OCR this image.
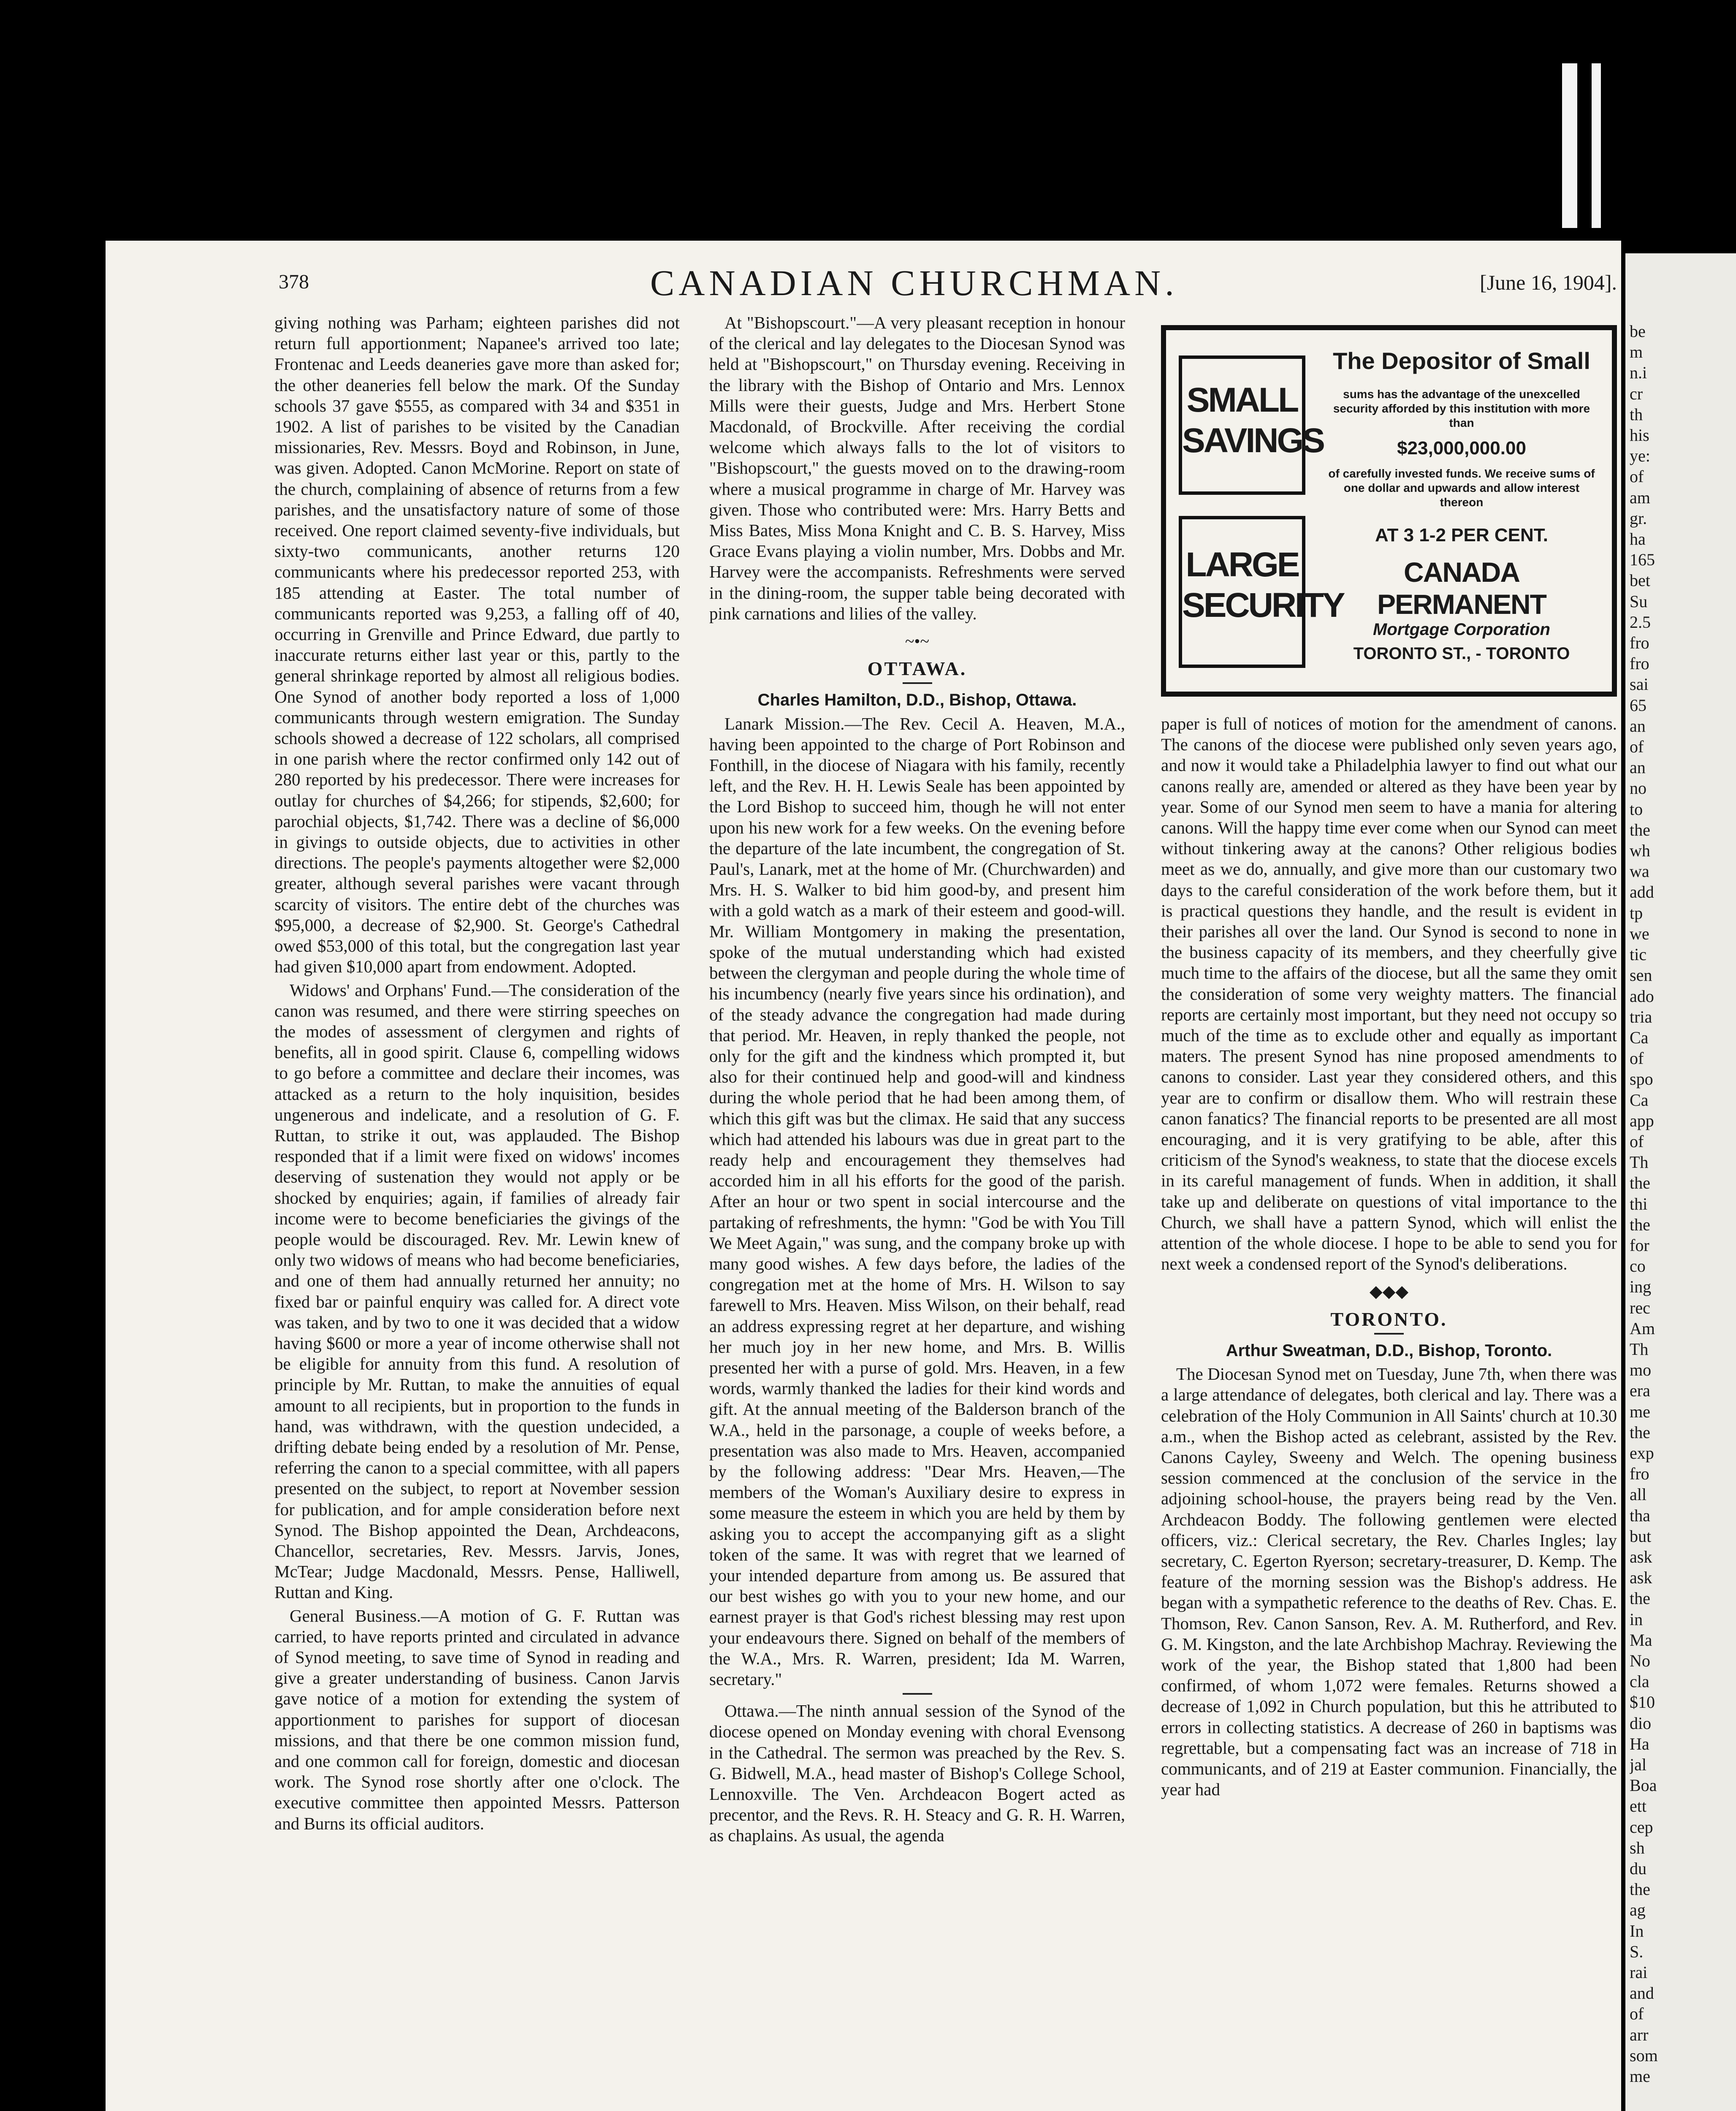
378	CANADIAN CHURCHMAN.	[June 16, 1904].

giving nothing was Parham; eighteen parishes did not return full apportionment; Napanee's arrived too late; Frontenac and Leeds deaneries gave more than asked for; the other deaneries fell below the mark. Of the Sunday schools 37 gave $555, as compared with 34 and $351 in 1902. A list of parishes to be visited by the Canadian missionaries, Rev. Messrs. Boyd and Robinson, in June, was given. Adopted. Canon McMorine. Report on state of the church, complaining of absence of returns from a few parishes, and the unsatisfactory nature of some of those received. One report claimed seventy-five individuals, but sixty-two communicants, another returns 120 communicants where his predecessor reported 253, with 185 attending at Easter. The total number of communicants reported was 9,253, a falling off of 40, occurring in Grenville and Prince Edward, due partly to inaccurate returns either last year or this, partly to the general shrinkage reported by almost all religious bodies. One Synod of another body reported a loss of 1,000 communicants through western emigration. The Sunday schools showed a decrease of 122 scholars, all comprised in one parish where the rector confirmed only 142 out of 280 reported by his predecessor. There were increases for outlay for churches of $4,266; for stipends, $2,600; for parochial objects, $1,742. There was a decline of $6,000 in givings to outside objects, due to activities in other directions. The people's payments altogether were $2,000 greater, although several parishes were vacant through scarcity of visitors. The entire debt of the churches was $95,000, a decrease of $2,900. St. George's Cathedral owed $53,000 of this total, but the congregation last year had given $10,000 apart from endowment. Adopted.

Widows' and Orphans' Fund.—The consideration of the canon was resumed, and there were stirring speeches on the modes of assessment of clergymen and rights of benefits, all in good spirit. Clause 6, compelling widows to go before a committee and declare their incomes, was attacked as a return to the holy inquisition, besides ungenerous and indelicate, and a resolution of G. F. Ruttan, to strike it out, was applauded. The Bishop responded that if a limit were fixed on widows' incomes deserving of sustenation they would not apply or be shocked by enquiries; again, if families of already fair income were to become beneficiaries the givings of the people would be discouraged. Rev. Mr. Lewin knew of only two widows of means who had become beneficiaries, and one of them had annually returned her annuity; no fixed bar or painful enquiry was called for. A direct vote was taken, and by two to one it was decided that a widow having $600 or more a year of income otherwise shall not be eligible for annuity from this fund. A resolution of principle by Mr. Ruttan, to make the annuities of equal amount to all recipients, but in proportion to the funds in hand, was withdrawn, with the question undecided, a drifting debate being ended by a resolution of Mr. Pense, referring the canon to a special committee, with all papers presented on the subject, to report at November session for publication, and for ample consideration before next Synod. The Bishop appointed the Dean, Archdeacons, Chancellor, secretaries, Rev. Messrs. Jarvis, Jones, McTear; Judge Macdonald, Messrs. Pense, Halliwell, Ruttan and King.

General Business.—A motion of G. F. Ruttan was carried, to have reports printed and circulated in advance of Synod meeting, to save time of Synod in reading and give a greater understanding of business. Canon Jarvis gave notice of a motion for extending the system of apportionment to parishes for support of diocesan missions, and that there be one common mission fund, and one common call for foreign, domestic and diocesan work. The Synod rose shortly after one o'clock. The executive committee then appointed Messrs. Patterson and Burns its official auditors.

At "Bishopscourt."—A very pleasant reception in honour of the clerical and lay delegates to the Diocesan Synod was held at "Bishopscourt," on Thursday evening. Receiving in the library with the Bishop of Ontario and Mrs. Lennox Mills were their guests, Judge and Mrs. Herbert Stone Macdonald, of Brockville. After receiving the cordial welcome which always falls to the lot of visitors to "Bishopscourt," the guests moved on to the drawing-room where a musical programme in charge of Mr. Harvey was given. Those who contributed were: Mrs. Harry Betts and Miss Bates, Miss Mona Knight and C. B. S. Harvey, Miss Grace Evans playing a violin number, Mrs. Dobbs and Mr. Harvey were the accompanists. Refreshments were served in the dining-room, the supper table being decorated with pink carnations and lilies of the valley.

~•~

OTTAWA.

Charles Hamilton, D.D., Bishop, Ottawa.

Lanark Mission.—The Rev. Cecil A. Heaven, M.A., having been appointed to the charge of Port Robinson and Fonthill, in the diocese of Niagara with his family, recently left, and the Rev. H. H. Lewis Seale has been appointed by the Lord Bishop to succeed him, though he will not enter upon his new work for a few weeks. On the evening before the departure of the late incumbent, the congregation of St. Paul's, Lanark, met at the home of Mr. (Churchwarden) and Mrs. H. S. Walker to bid him good-by, and present him with a gold watch as a mark of their esteem and good-will. Mr. William Montgomery in making the presentation, spoke of the mutual understanding which had existed between the clergyman and people during the whole time of his incumbency (nearly five years since his ordination), and of the steady advance the congregation had made during that period. Mr. Heaven, in reply thanked the people, not only for the gift and the kindness which prompted it, but also for their continued help and good-will and kindness during the whole period that he had been among them, of which this gift was but the climax. He said that any success which had attended his labours was due in great part to the ready help and encouragement they themselves had accorded him in all his efforts for the good of the parish. After an hour or two spent in social intercourse and the partaking of refreshments, the hymn: "God be with You Till We Meet Again," was sung, and the company broke up with many good wishes. A few days before, the ladies of the congregation met at the home of Mrs. H. Wilson to say farewell to Mrs. Heaven. Miss Wilson, on their behalf, read an address expressing regret at her departure, and wishing her much joy in her new home, and Mrs. B. Willis presented her with a purse of gold. Mrs. Heaven, in a few words, warmly thanked the ladies for their kind words and gift. At the annual meeting of the Balderson branch of the W.A., held in the parsonage, a couple of weeks before, a presentation was also made to Mrs. Heaven, accompanied by the following address: "Dear Mrs. Heaven,—The members of the Woman's Auxiliary desire to express in some measure the esteem in which you are held by them by asking you to accept the accompanying gift as a slight token of the same. It was with regret that we learned of your intended departure from among us. Be assured that our best wishes go with you to your new home, and our earnest prayer is that God's richest blessing may rest upon your endeavours there. Signed on behalf of the members of the W.A., Mrs. R. Warren, president; Ida M. Warren, secretary."

Ottawa.—The ninth annual session of the Synod of the diocese opened on Monday evening with choral Evensong in the Cathedral. The sermon was preached by the Rev. S. G. Bidwell, M.A., head master of Bishop's College School, Lennoxville. The Ven. Archdeacon Bogert acted as precentor, and the Revs. R. H. Steacy and G. R. H. Warren, as chaplains. As usual, the agenda

SMALL
SAVINGS
LARGE
SECURITY
The Depositor of Small
sums has the advantage of the unexcelled security afforded by this institution with more than
$23,000,000.00
of carefully invested funds. We receive sums of one dollar and upwards and allow interest thereon
AT 3 1-2 PER CENT.
CANADA PERMANENT
Mortgage Corporation
TORONTO ST., - TORONTO

paper is full of notices of motion for the amendment of canons. The canons of the diocese were published only seven years ago, and now it would take a Philadelphia lawyer to find out what our canons really are, amended or altered as they have been year by year. Some of our Synod men seem to have a mania for altering canons. Will the happy time ever come when our Synod can meet without tinkering away at the canons? Other religious bodies meet as we do, annually, and give more than our customary two days to the careful consideration of the work before them, but it is practical questions they handle, and the result is evident in their parishes all over the land. Our Synod is second to none in the business capacity of its members, and they cheerfully give much time to the affairs of the diocese, but all the same they omit the consideration of some very weighty matters. The financial reports are certainly most important, but they need not occupy so much of the time as to exclude other and equally as important maters. The present Synod has nine proposed amendments to canons to consider. Last year they considered others, and this year are to confirm or disallow them. Who will restrain these canon fanatics? The financial reports to be presented are all most encouraging, and it is very gratifying to be able, after this criticism of the Synod's weakness, to state that the diocese excels in its careful management of funds. When in addition, it shall take up and deliberate on questions of vital importance to the Church, we shall have a pattern Synod, which will enlist the attention of the whole diocese. I hope to be able to send you for next week a condensed report of the Synod's deliberations.

◆◆◆

TORONTO.

Arthur Sweatman, D.D., Bishop, Toronto.

The Diocesan Synod met on Tuesday, June 7th, when there was a large attendance of delegates, both clerical and lay. There was a celebration of the Holy Communion in All Saints' church at 10.30 a.m., when the Bishop acted as celebrant, assisted by the Rev. Canons Cayley, Sweeny and Welch. The opening business session commenced at the conclusion of the service in the adjoining school-house, the prayers being read by the Ven. Archdeacon Boddy. The following gentlemen were elected officers, viz.: Clerical secretary, the Rev. Charles Ingles; lay secretary, C. Egerton Ryerson; secretary-treasurer, D. Kemp. The feature of the morning session was the Bishop's address. He began with a sympathetic reference to the deaths of Rev. Chas. E. Thomson, Rev. Canon Sanson, Rev. A. M. Rutherford, and Rev. G. M. Kingston, and the late Archbishop Machray. Reviewing the work of the year, the Bishop stated that 1,800 had been confirmed, of whom 1,072 were females. Returns showed a decrease of 1,092 in Church population, but this he attributed to errors in collecting statistics. A decrease of 260 in baptisms was regrettable, but a compensating fact was an increase of 718 in communicants, and of 219 at Easter communion. Financially, the year had

be
m
n.i
cr
th
his
ye:
of
am
gr.
ha
165
bet
Su
2.5
fro
fro
sai
65
an
of
an
no
to
the
wh
wa
add
tp
we
tic
sen
ado
tria
Ca
of
spo
Ca
app
of
Th
the
thi
the
for
co
ing
rec
Am
Th
mo
era
me
the
exp
fro
all
tha
but
ask
ask
the
in
Ma
No
cla
$10
dio
Ha
jal
Boa
ett
cep
sh
du
the
ag
In
S.
rai
and
of
arr
som
me
